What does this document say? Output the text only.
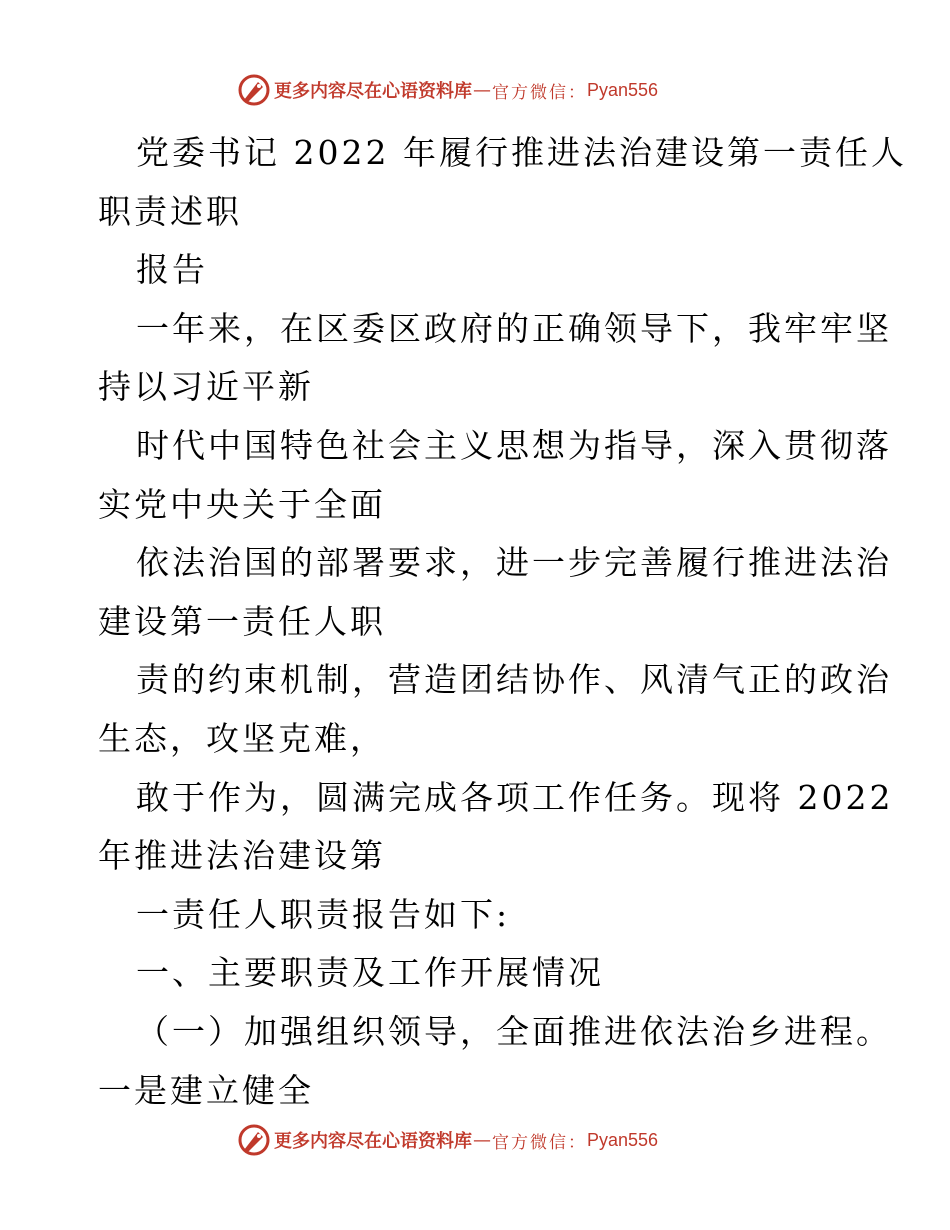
更多内容尽在心语资料库 — 官方微信： Pyan556
党委书记 2022 年履行推进法治建设第一责任人
职责述职
报告
一年来，在区委区政府的正确领导下，我牢牢坚
持以习近平新
时代中国特色社会主义思想为指导，深入贯彻落
实党中央关于全面
依法治国的部署要求，进一步完善履行推进法治
建设第一责任人职
责的约束机制，营造团结协作、风清气正的政治
生态，攻坚克难，
敢于作为，圆满完成各项工作任务。现将 2022
年推进法治建设第
一责任人职责报告如下:
一、主要职责及工作开展情况
（一）加强组织领导，全面推进依法治乡进程。
一是建立健全
更多内容尽在心语资料库 — 官方微信： Pyan556
